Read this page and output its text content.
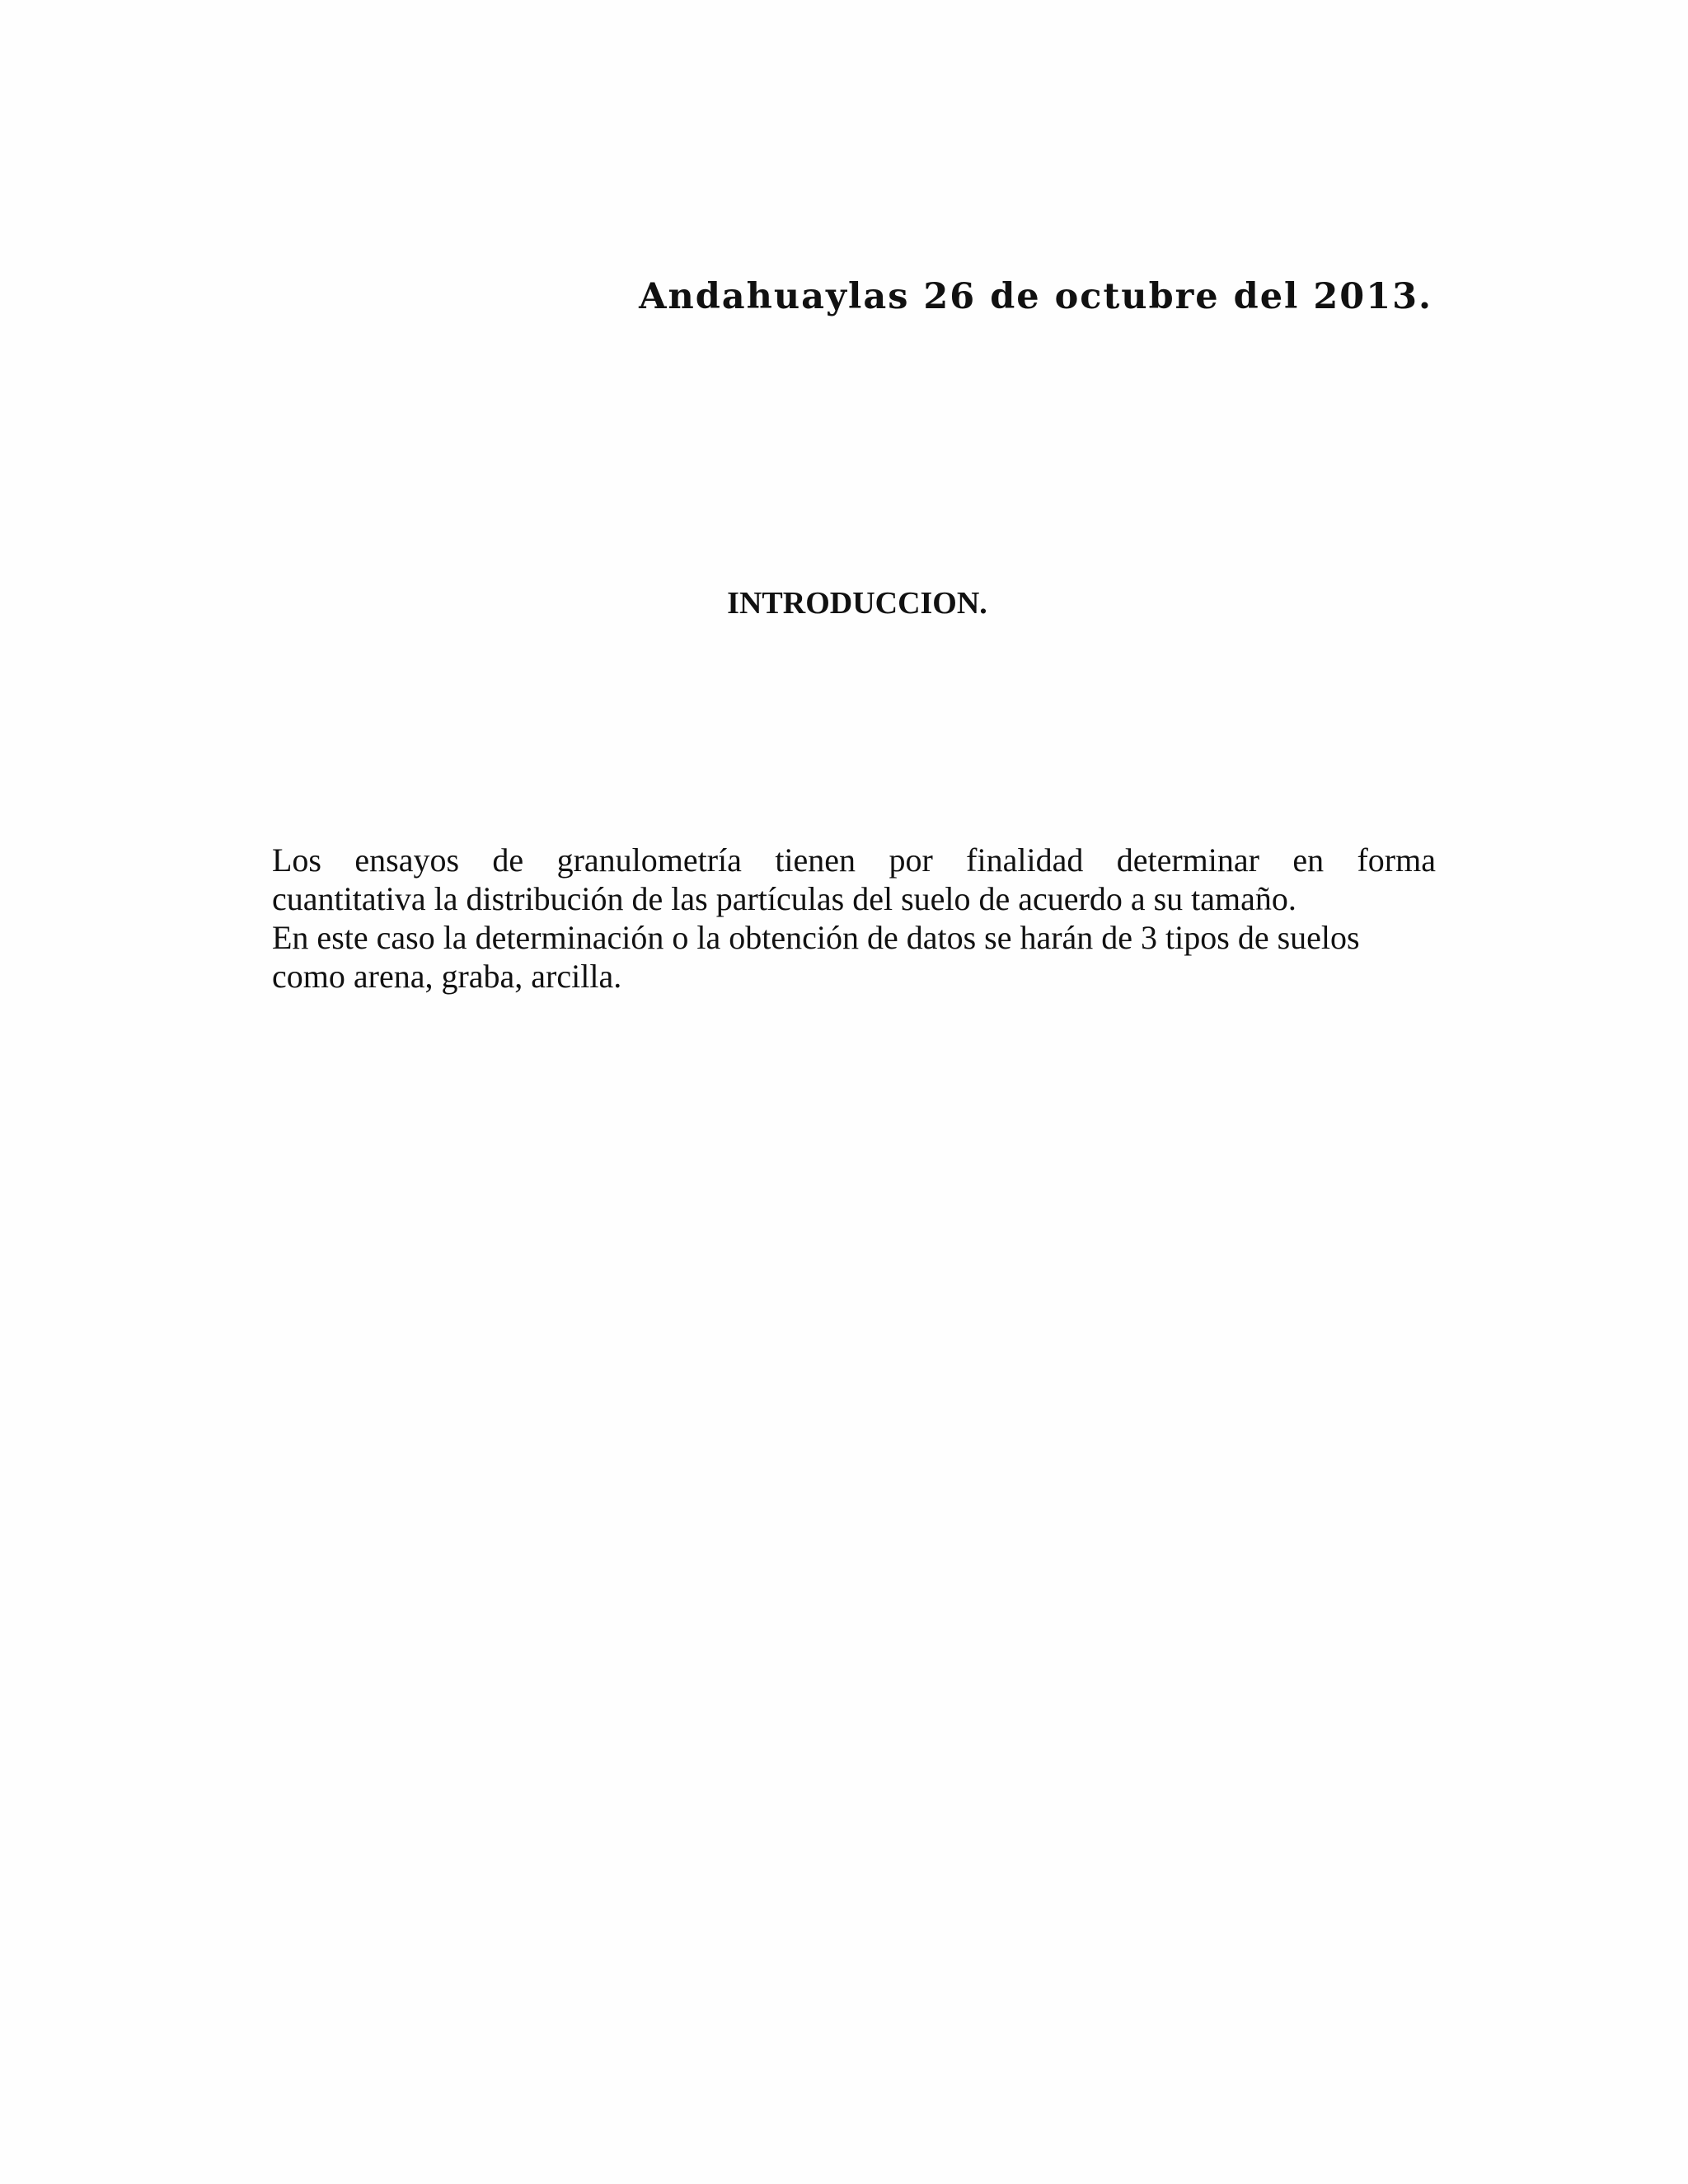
Andahuaylas 26 de octubre del 2013.
INTRODUCCION.
Los ensayos de granulometría tienen por finalidad determinar en forma
cuantitativa la distribución de las partículas del suelo de acuerdo a su tamaño.
En este caso la determinación o la obtención de datos se harán de 3 tipos de suelos
como arena, graba, arcilla.
